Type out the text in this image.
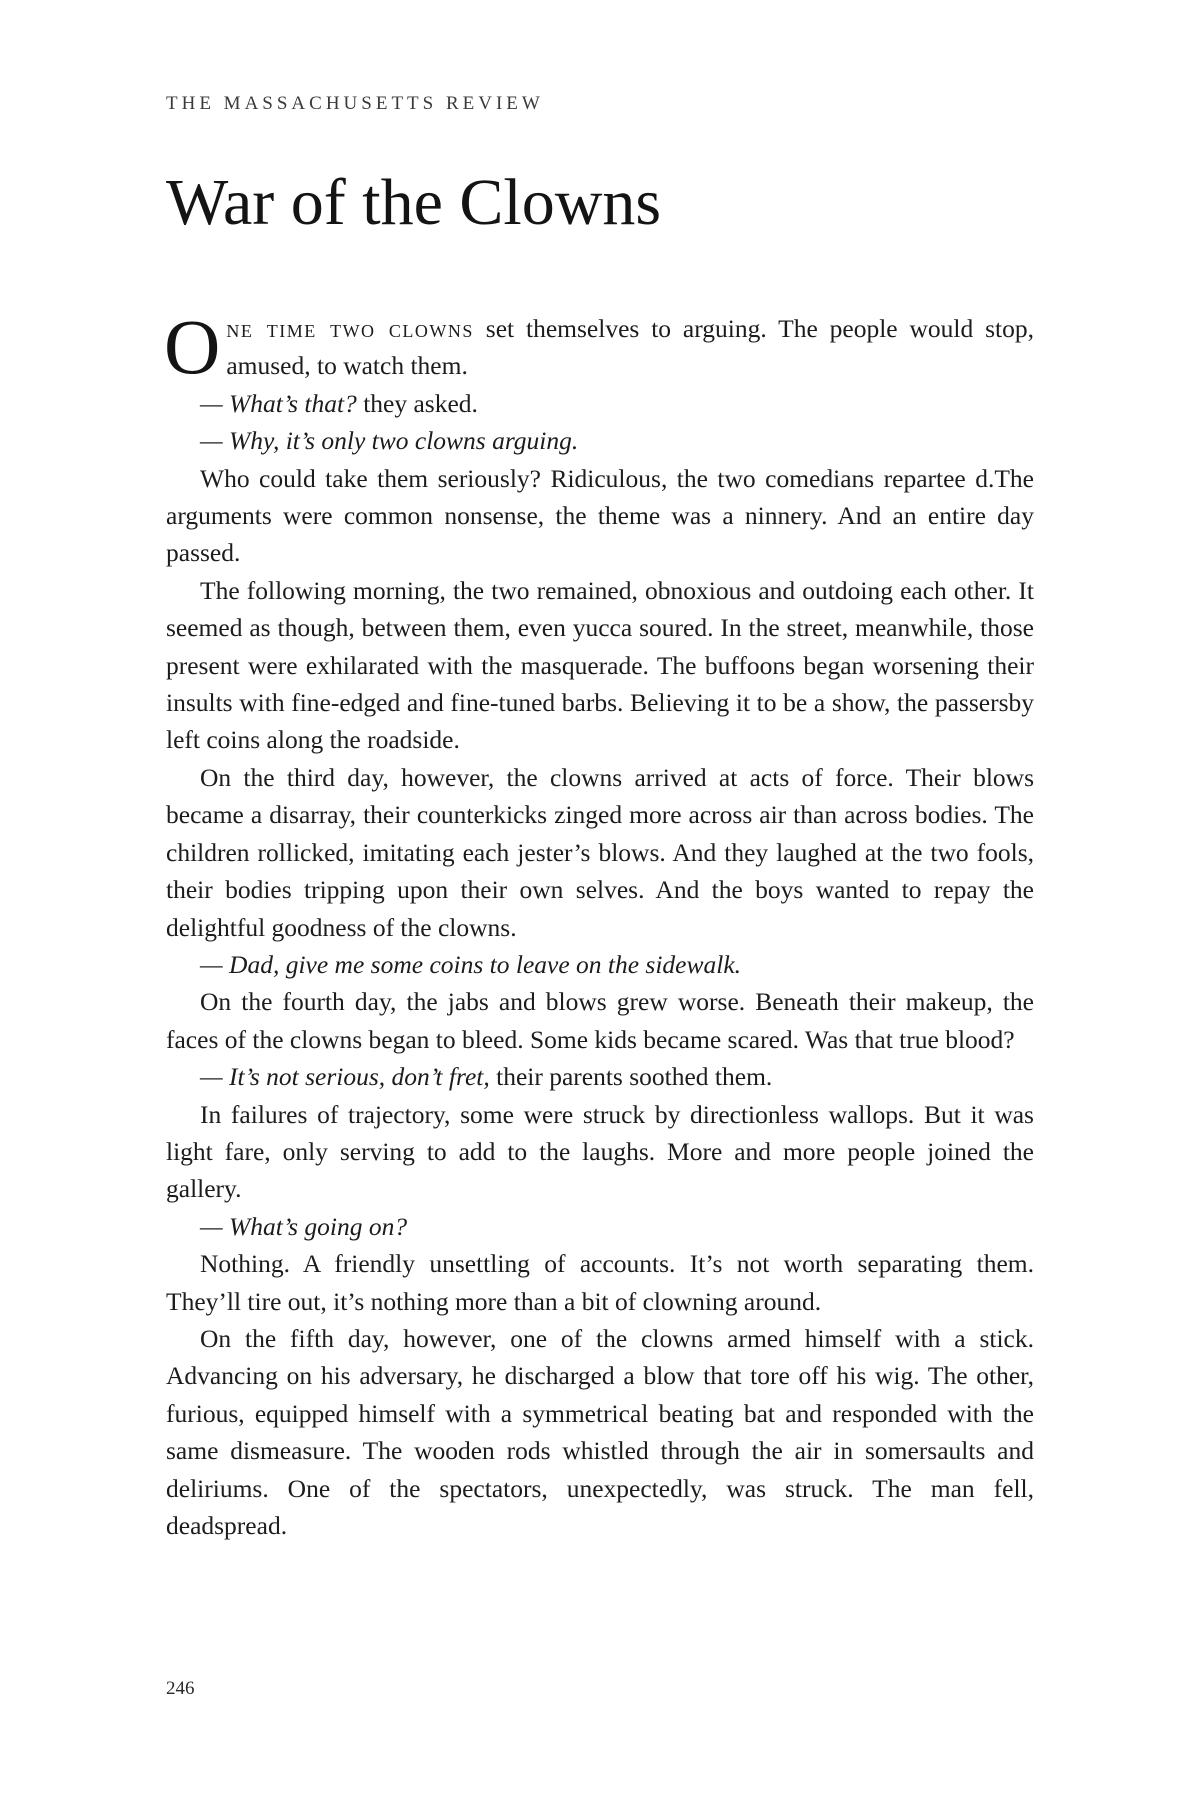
THE MASSACHUSETTS REVIEW
War of the Clowns

One time two clowns set themselves to arguing. The people would stop, amused, to watch them.

— What’s that? they asked.

— Why, it’s only two clowns arguing.

Who could take them seriously? Ridiculous, the two comedians repartee d.The arguments were common nonsense, the theme was a ninnery. And an entire day passed.

The following morning, the two remained, obnoxious and outdoing each other. It seemed as though, between them, even yucca soured. In the street, meanwhile, those present were exhilarated with the masquerade. The buffoons began worsening their insults with fine-edged and fine-tuned barbs. Believing it to be a show, the passersby left coins along the roadside.

On the third day, however, the clowns arrived at acts of force. Their blows became a disarray, their counterkicks zinged more across air than across bodies. The children rollicked, imitating each jester’s blows. And they laughed at the two fools, their bodies tripping upon their own selves. And the boys wanted to repay the delightful goodness of the clowns.

— Dad, give me some coins to leave on the sidewalk.

On the fourth day, the jabs and blows grew worse. Beneath their makeup, the faces of the clowns began to bleed. Some kids became scared. Was that true blood?

— It’s not serious, don’t fret, their parents soothed them.

In failures of trajectory, some were struck by directionless wallops. But it was light fare, only serving to add to the laughs. More and more people joined the gallery.

— What’s going on?

Nothing. A friendly unsettling of accounts. It’s not worth separating them. They’ll tire out, it’s nothing more than a bit of clowning around.

On the fifth day, however, one of the clowns armed himself with a stick. Advancing on his adversary, he discharged a blow that tore off his wig. The other, furious, equipped himself with a symmetrical beating bat and responded with the same dismeasure. The wooden rods whistled through the air in somersaults and deliriums. One of the spectators, unexpectedly, was struck. The man fell, deadspread.

246
